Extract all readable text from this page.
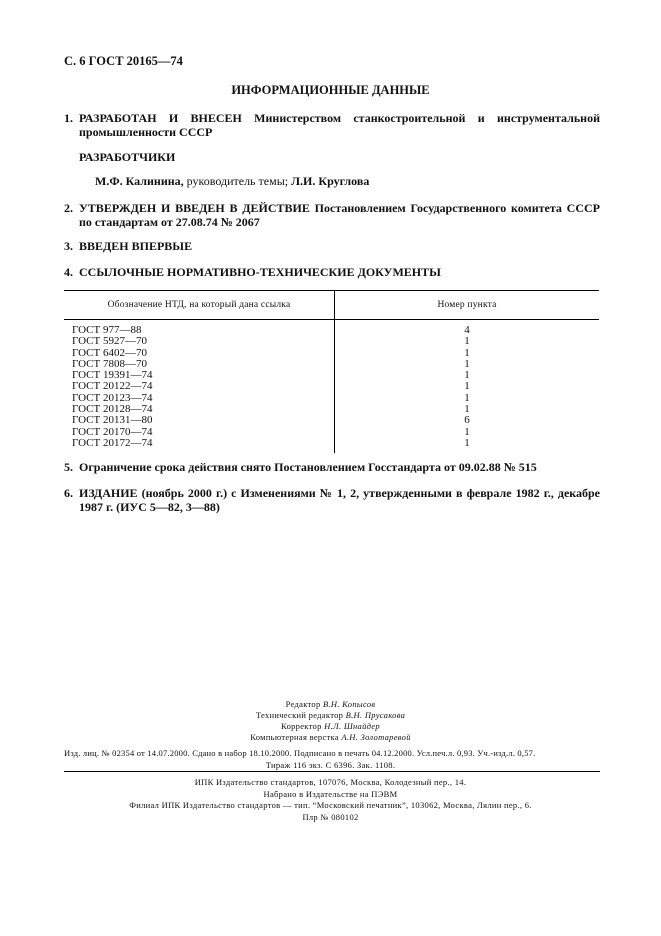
С. 6 ГОСТ 20165—74
ИНФОРМАЦИОННЫЕ ДАННЫЕ
1. РАЗРАБОТАН И ВНЕСЕН Министерством станкостроительной и инструментальной промышленности СССР
РАЗРАБОТЧИКИ
М.Ф. Калинина, руководитель темы; Л.И. Круглова
2. УТВЕРЖДЕН И ВВЕДЕН В ДЕЙСТВИЕ Постановлением Государственного комитета СССР по стандартам от 27.08.74 № 2067
3. ВВЕДЕН ВПЕРВЫЕ
4. ССЫЛОЧНЫЕ НОРМАТИВНО-ТЕХНИЧЕСКИЕ ДОКУМЕНТЫ
Обозначение НТД, на который дана ссылка	Номер пункта
ГОСТ 977—88	4
ГОСТ 5927—70	1
ГОСТ 6402—70	1
ГОСТ 7808—70	1
ГОСТ 19391—74	1
ГОСТ 20122—74	1
ГОСТ 20123—74	1
ГОСТ 20128—74	1
ГОСТ 20131—80	6
ГОСТ 20170—74	1
ГОСТ 20172—74	1
5. Ограничение срока действия снято Постановлением Госстандарта от 09.02.88 № 515
6. ИЗДАНИЕ (ноябрь 2000 г.) с Изменениями № 1, 2, утвержденными в феврале 1982 г., декабре 1987 г. (ИУС 5—82, 3—88)
Редактор В.Н. Копысов
Технический редактор В.Н. Прусакова
Корректор Н.Л. Шнайдер
Компьютерная верстка А.Н. Золотаревой
Изд. лиц. № 02354 от 14.07.2000. Сдано в набор 18.10.2000. Подписано в печать 04.12.2000. Усл.печ.л. 0,93. Уч.-изд.л. 0,57.
Тираж 116 экз. С 6396. Зак. 1108.
ИПК Издательство стандартов, 107076, Москва, Колодезный пер., 14.
Набрано в Издательстве на ПЭВМ
Филиал ИПК Издательство стандартов — тип. “Московский печатник”, 103062, Москва, Лялин пер., 6.
Плр № 080102
